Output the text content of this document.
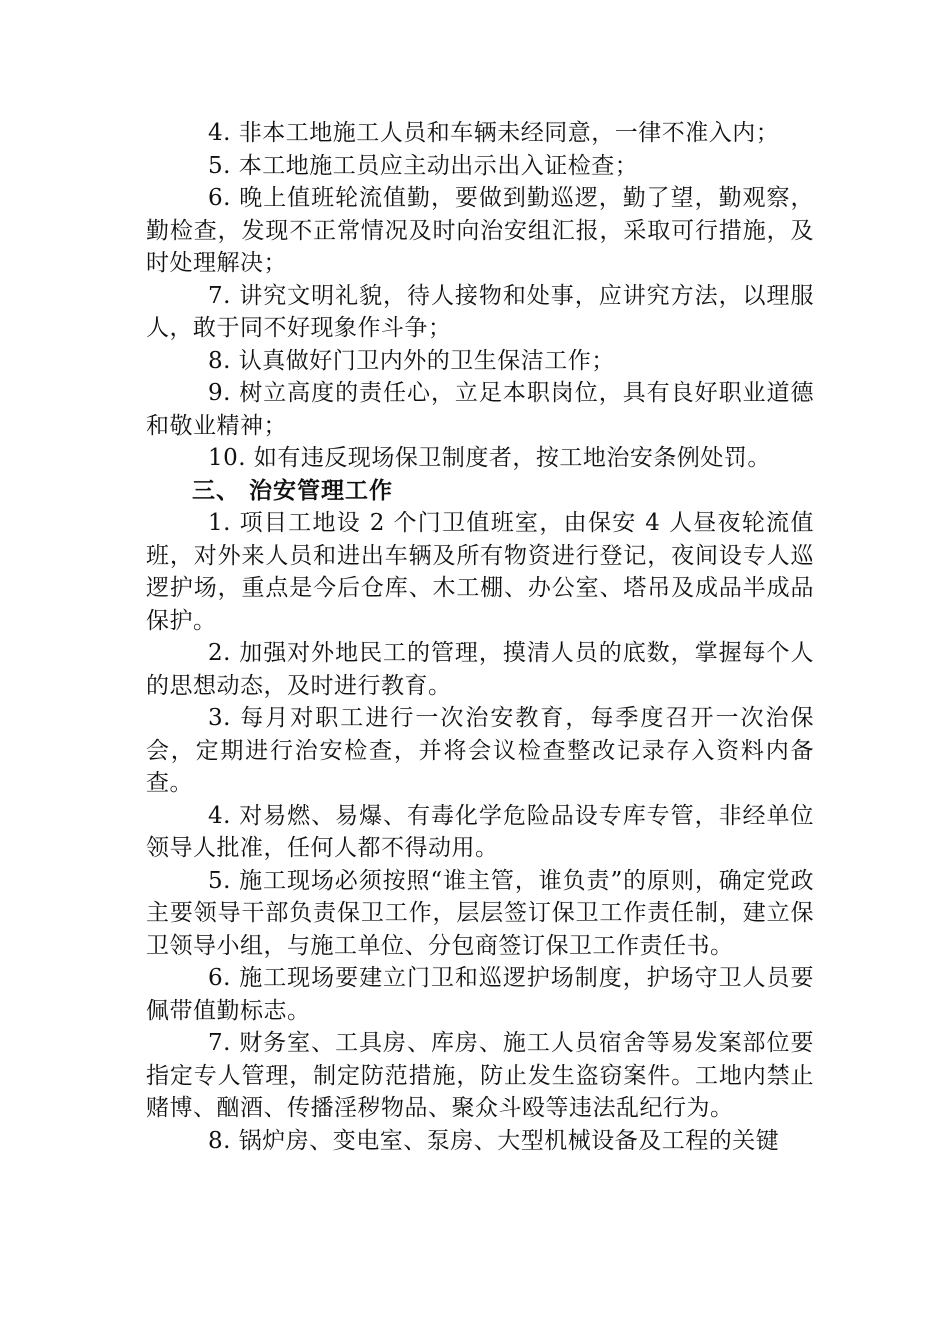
4. 非本工地施工人员和车辆未经同意，一律不准入内；

5. 本工地施工员应主动出示出入证检查；

6. 晚上值班轮流值勤，要做到勤巡逻，勤了望，勤观察，勤检查，发现不正常情况及时向治安组汇报，采取可行措施，及时处理解决；

7. 讲究文明礼貌，待人接物和处事，应讲究方法，以理服人，敢于同不好现象作斗争；

8. 认真做好门卫内外的卫生保洁工作；

9. 树立高度的责任心，立足本职岗位，具有良好职业道德和敬业精神；

10. 如有违反现场保卫制度者，按工地治安条例处罚。

三、 治安管理工作

1. 项目工地设 2 个门卫值班室，由保安 4 人昼夜轮流值班，对外来人员和进出车辆及所有物资进行登记，夜间设专人巡逻护场，重点是今后仓库、木工棚、办公室、塔吊及成品半成品保护。

2. 加强对外地民工的管理，摸清人员的底数，掌握每个人的思想动态，及时进行教育。

3. 每月对职工进行一次治安教育，每季度召开一次治保会，定期进行治安检查，并将会议检查整改记录存入资料内备查。

4. 对易燃、易爆、有毒化学危险品设专库专管，非经单位领导人批准，任何人都不得动用。

5. 施工现场必须按照“谁主管，谁负责”的原则，确定党政主要领导干部负责保卫工作，层层签订保卫工作责任制，建立保卫领导小组，与施工单位、分包商签订保卫工作责任书。

6. 施工现场要建立门卫和巡逻护场制度，护场守卫人员要佩带值勤标志。

7. 财务室、工具房、库房、施工人员宿舍等易发案部位要指定专人管理，制定防范措施，防止发生盗窃案件。工地内禁止赌博、酗酒、传播淫秽物品、聚众斗殴等违法乱纪行为。

8. 锅炉房、变电室、泵房、大型机械设备及工程的关键
